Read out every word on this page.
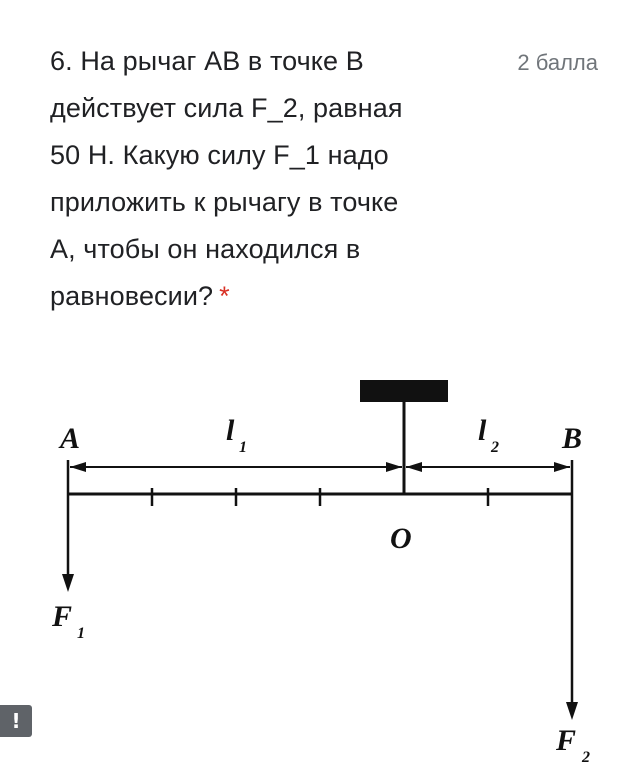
6. На рычаг АВ в точке В
действует сила F_2, равная
50 Н. Какую силу F_1 надо
приложить к рычагу в точке
А, чтобы он находился в
равновесии? *
2 балла
A	B
O
l
1
l
2
F
1
F
2
!
